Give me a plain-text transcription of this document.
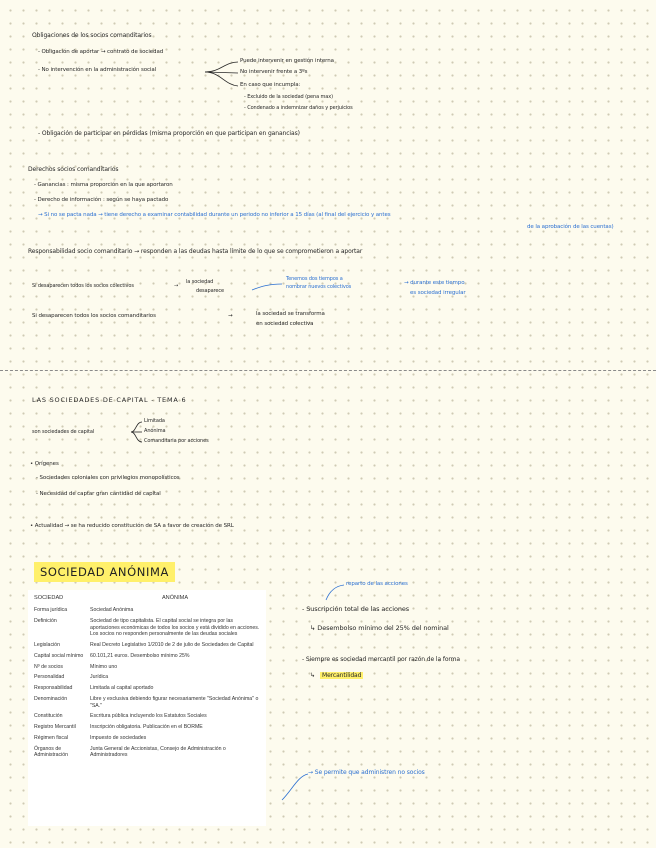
Obligaciones de los socios comanditarios
- Obligación de aportar → contrato de sociedad
- No intervención en la administración social
Puede intervenir en gestión interna
No intervenir frente a 3ºs
En caso que incumpla:
- Excluido de la sociedad (pena max)
- Condenado a indemnizar daños y perjuicios
- Obligación de participar en pérdidas (misma proporción en que participan en ganancias)
Derechos socios comanditarios
- Ganancias : misma proporción en la que aportaron
- Derecho de información : según se haya pactado
→ Si no se pacta nada → tiene derecho a examinar contabilidad durante un periodo no inferior a 15 días (al final del ejercicio y antes
de la aprobación de las cuentas)
Responsabilidad socio comanditario → responden a las deudas hasta límite de lo que se comprometieron a aportar
Si desaparecen todos los socios colectivos	→
la sociedad
desaparece
Tenemos dos tiempos a
nombrar nuevos colectivos
→ durante este tiempo
es sociedad irregular
Si desaparecen todos los socios comanditarios	→	la sociedad se transforma
en sociedad colectiva
LAS SOCIEDADES DE CAPITAL - TEMA 6
son sociedades de capital
Limitada
Anónima
Comanditaria por acciones
• Orígenes
- Sociedades coloniales con privilegios monopolísticos
- Necesidad de captar gran cantidad de capital
• Actualidad → se ha reducido constitución de SA a favor de creación de SRL
SOCIEDAD ANÓNIMA
SOCIEDAD	ANÓNIMA
Forma jurídica	Sociedad Anónima
Definición	Sociedad de tipo capitalista. El capital social se integra por las aportaciones económicas de todos los socios y está dividido en acciones. Los socios no responden personalmente de las deudas sociales
Legislación	Real Decreto Legislativo 1/2010 de 2 de julio de Sociedades de Capital
Capital social mínimo	60.101,21 euros. Desembolso mínimo 25%
Nº de socios	Mínimo uno
Personalidad	Jurídica
Responsabilidad	Limitada al capital aportado
Denominación	Libre y exclusiva debiendo figurar necesariamente "Sociedad Anónima" o "SA."
Constitución	Escritura pública incluyendo los Estatutos Sociales
Registro Mercantil	Inscripción obligatoria. Publicación en el BORME
Régimen fiscal	Impuesto de sociedades
Órganos de Administración	Junta General de Accionistas, Consejo de Administración o Administradores
reparto de las acciones
- Suscripción total de las acciones
↳ Desembolso mínimo del 25% del nominal
- Siempre es sociedad mercantil por razón de la forma
↳	Mercantilidad
→ Se permite que administren no socios
